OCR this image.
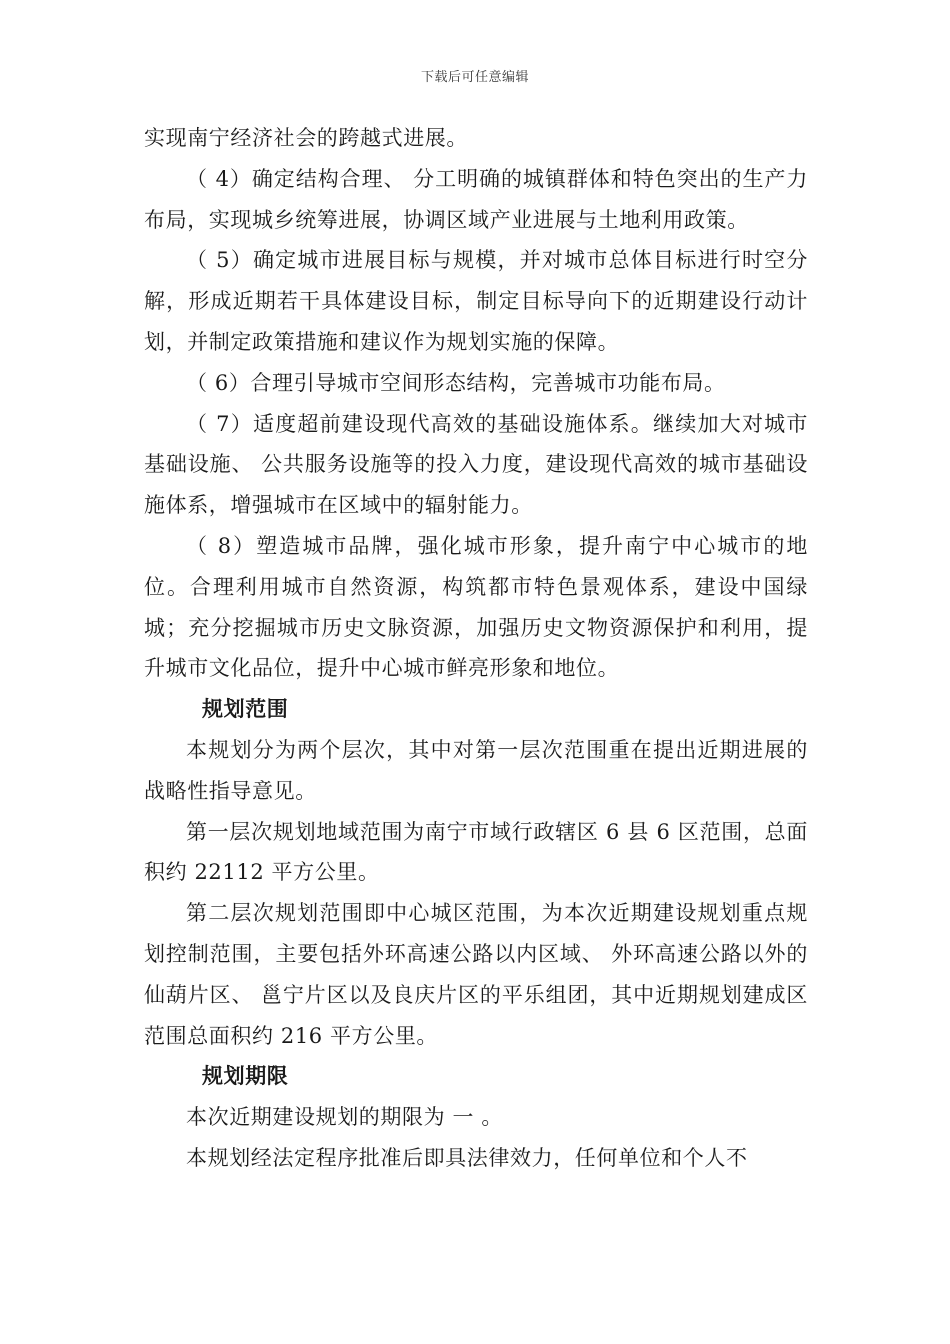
下载后可任意编辑

实现南宁经济社会的跨越式进展。

（ 4）确定结构合理、 分工明确的城镇群体和特色突出的生产力布局，实现城乡统筹进展，协调区域产业进展与土地利用政策。

（ 5）确定城市进展目标与规模，并对城市总体目标进行时空分解，形成近期若干具体建设目标，制定目标导向下的近期建设行动计划，并制定政策措施和建议作为规划实施的保障。

（ 6）合理引导城市空间形态结构，完善城市功能布局。

（ 7）适度超前建设现代高效的基础设施体系。继续加大对城市基础设施、 公共服务设施等的投入力度，建设现代高效的城市基础设施体系，增强城市在区域中的辐射能力。

（ 8）塑造城市品牌，强化城市形象，提升南宁中心城市的地位。合理利用城市自然资源，构筑都市特色景观体系，建设中国绿城；充分挖掘城市历史文脉资源，加强历史文物资源保护和利用，提升城市文化品位，提升中心城市鲜亮形象和地位。

规划范围

本规划分为两个层次，其中对第一层次范围重在提出近期进展的战略性指导意见。

第一层次规划地域范围为南宁市域行政辖区 6 县 6 区范围，总面积约 22112 平方公里。

第二层次规划范围即中心城区范围，为本次近期建设规划重点规划控制范围，主要包括外环高速公路以内区域、 外环高速公路以外的仙葫片区、 邕宁片区以及良庆片区的平乐组团，其中近期规划建成区范围总面积约 216 平方公里。

规划期限

本次近期建设规划的期限为 一 。

本规划经法定程序批准后即具法律效力，任何单位和个人不
